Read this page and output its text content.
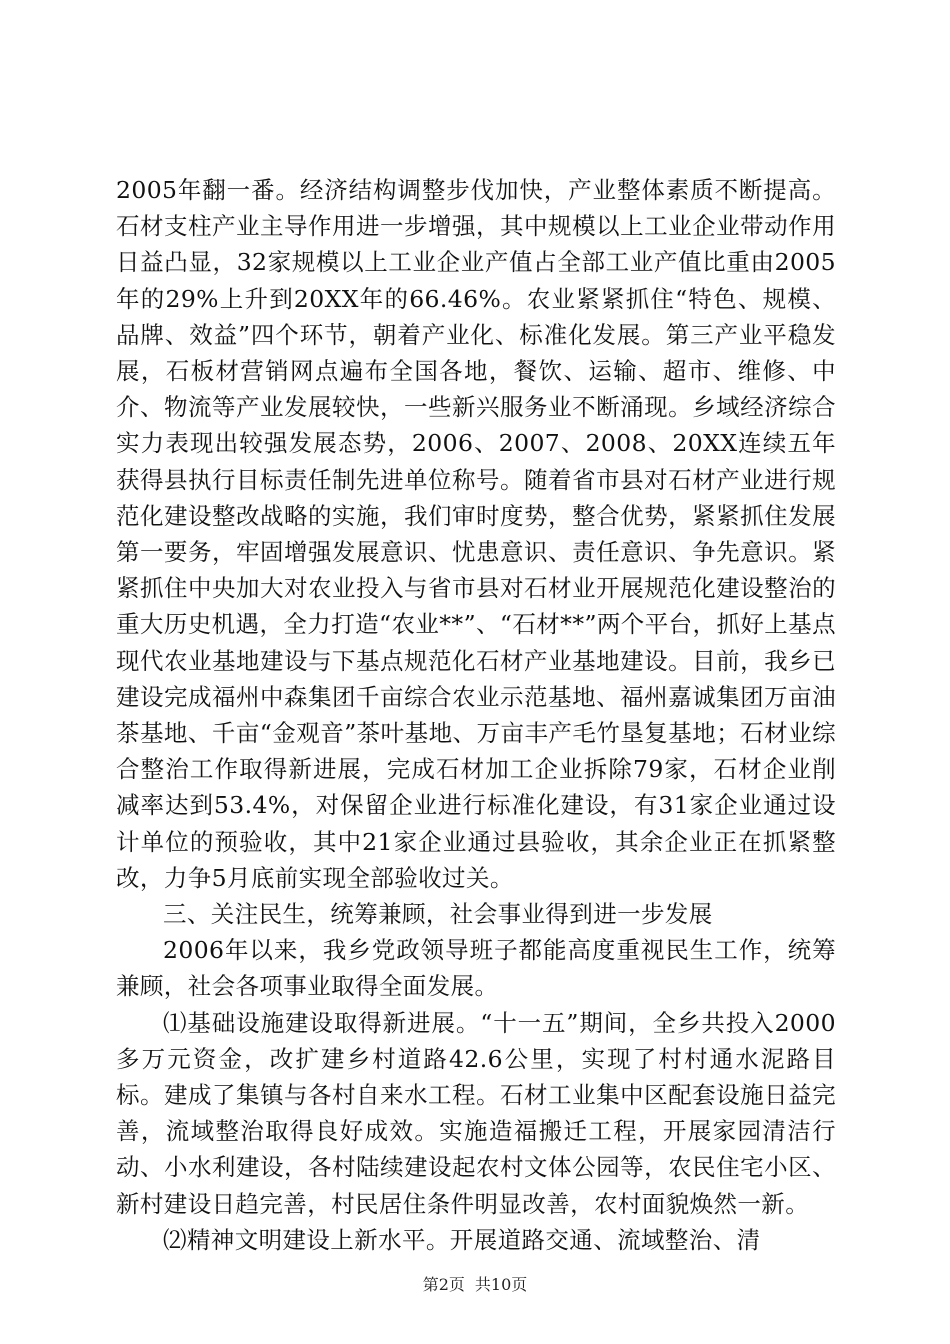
2005年翻一番。经济结构调整步伐加快，产业整体素质不断提高。石材支柱产业主导作用进一步增强，其中规模以上工业企业带动作用日益凸显，32家规模以上工业企业产值占全部工业产值比重由2005年的29%上升到20XX年的66.46%。农业紧紧抓住“特色、规模、品牌、效益”四个环节，朝着产业化、标准化发展。第三产业平稳发展，石板材营销网点遍布全国各地，餐饮、运输、超市、维修、中介、物流等产业发展较快，一些新兴服务业不断涌现。乡域经济综合实力表现出较强发展态势，2006、2007、2008、20XX连续五年获得县执行目标责任制先进单位称号。随着省市县对石材产业进行规范化建设整改战略的实施，我们审时度势，整合优势，紧紧抓住发展第一要务，牢固增强发展意识、忧患意识、责任意识、争先意识。紧紧抓住中央加大对农业投入与省市县对石材业开展规范化建设整治的重大历史机遇，全力打造“农业**”、“石材**”两个平台，抓好上基点现代农业基地建设与下基点规范化石材产业基地建设。目前，我乡已建设完成福州中森集团千亩综合农业示范基地、福州嘉诚集团万亩油茶基地、千亩“金观音”茶叶基地、万亩丰产毛竹垦复基地；石材业综合整治工作取得新进展，完成石材加工企业拆除79家，石材企业削减率达到53.4%，对保留企业进行标准化建设，有31家企业通过设计单位的预验收，其中21家企业通过县验收，其余企业正在抓紧整改，力争5月底前实现全部验收过关。

三、关注民生，统筹兼顾，社会事业得到进一步发展

2006年以来，我乡党政领导班子都能高度重视民生工作，统筹兼顾，社会各项事业取得全面发展。

⑴基础设施建设取得新进展。“十一五”期间，全乡共投入2000多万元资金，改扩建乡村道路42.6公里，实现了村村通水泥路目标。建成了集镇与各村自来水工程。石材工业集中区配套设施日益完善，流域整治取得良好成效。实施造福搬迁工程，开展家园清洁行动、小水利建设，各村陆续建设起农村文体公园等，农民住宅小区、新村建设日趋完善，村民居住条件明显改善，农村面貌焕然一新。

⑵精神文明建设上新水平。开展道路交通、流域整治、清

第2页 共10页
